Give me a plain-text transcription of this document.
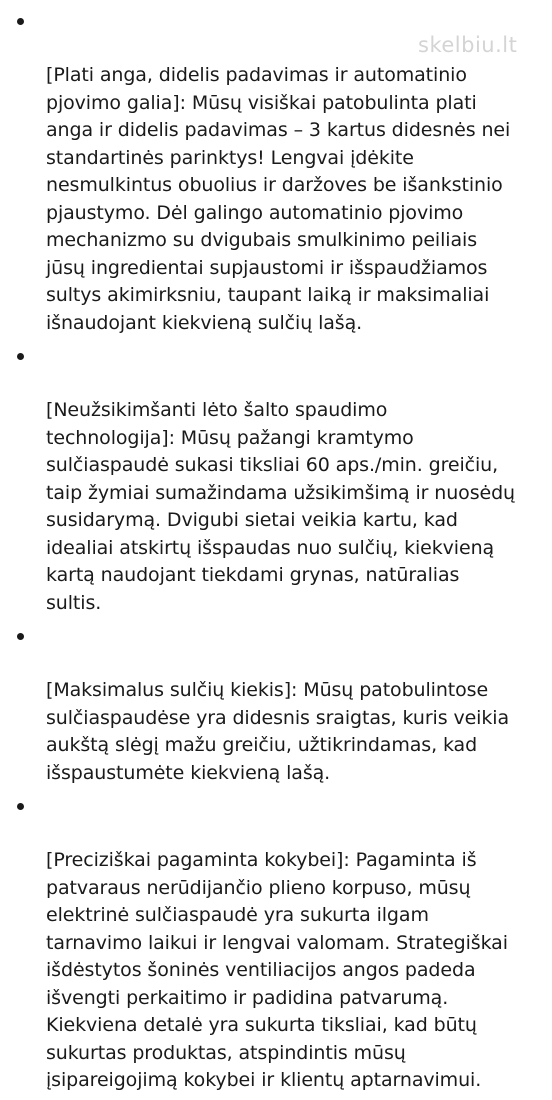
skelbiu.lt

[Plati anga, didelis padavimas ir automatinio
pjovimo galia]: Mūsų visiškai patobulinta plati
anga ir didelis padavimas – 3 kartus didesnės nei
standartinės parinktys! Lengvai įdėkite
nesmulkintus obuolius ir daržoves be išankstinio
pjaustymo. Dėl galingo automatinio pjovimo
mechanizmo su dvigubais smulkinimo peiliais
jūsų ingredientai supjaustomi ir išspaudžiamos
sultys akimirksniu, taupant laiką ir maksimaliai
išnaudojant kiekvieną sulčių lašą.

[Neužsikimšanti lėto šalto spaudimo
technologija]: Mūsų pažangi kramtymo
sulčiaspaudė sukasi tiksliai 60 aps./min. greičiu,
taip žymiai sumažindama užsikimšimą ir nuosėdų
susidarymą. Dvigubi sietai veikia kartu, kad
idealiai atskirtų išspaudas nuo sulčių, kiekvieną
kartą naudojant tiekdami grynas, natūralias
sultis.

[Maksimalus sulčių kiekis]: Mūsų patobulintose
sulčiaspaudėse yra didesnis sraigtas, kuris veikia
aukštą slėgį mažu greičiu, užtikrindamas, kad
išspaustumėte kiekvieną lašą.

[Preciziškai pagaminta kokybei]: Pagaminta iš
patvaraus nerūdijančio plieno korpuso, mūsų
elektrinė sulčiaspaudė yra sukurta ilgam
tarnavimo laikui ir lengvai valomam. Strategiškai
išdėstytos šoninės ventiliacijos angos padeda
išvengti perkaitimo ir padidina patvarumą.
Kiekviena detalė yra sukurta tiksliai, kad būtų
sukurtas produktas, atspindintis mūsų
įsipareigojimą kokybei ir klientų aptarnavimui.
